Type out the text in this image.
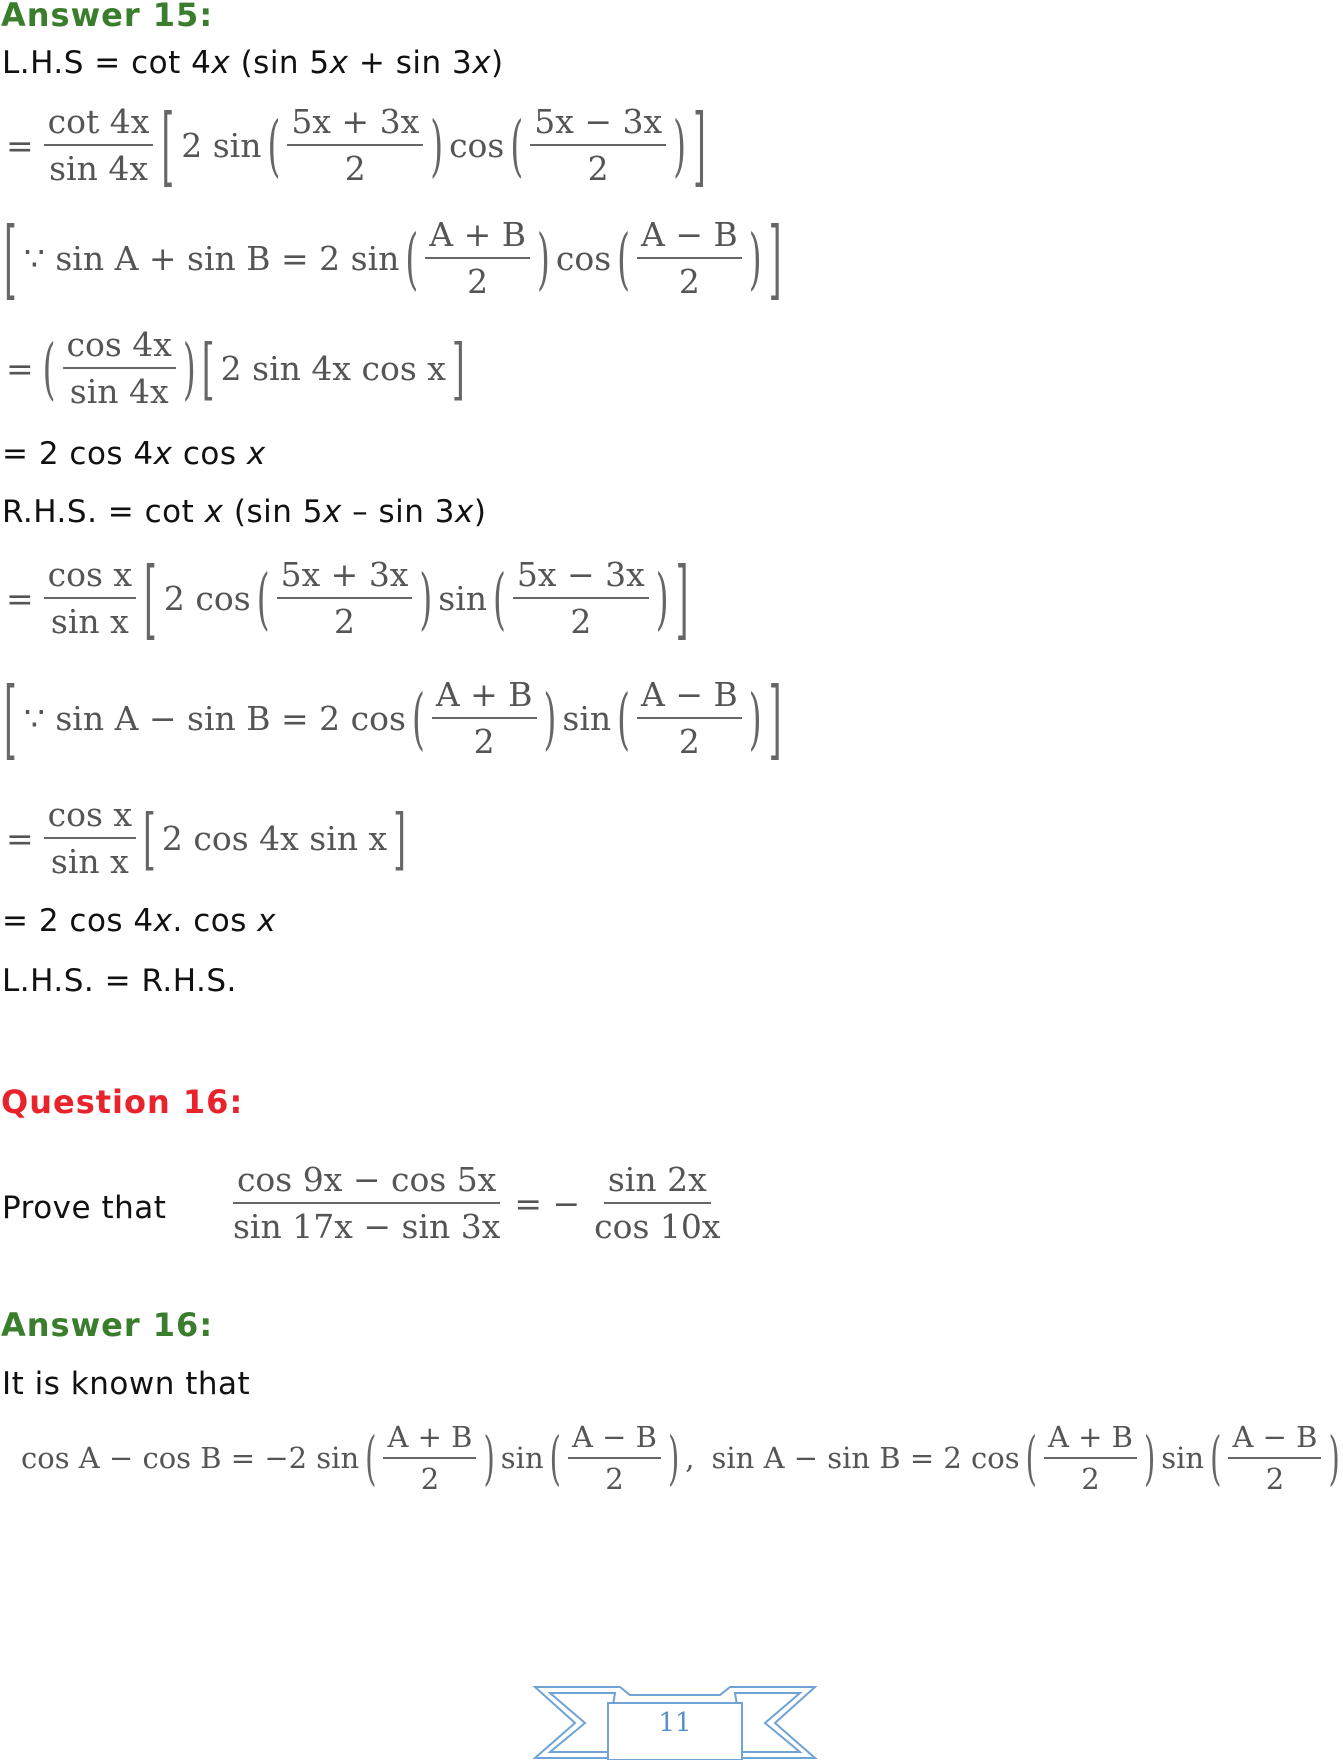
Answer 15:
L.H.S = cot 4x (sin 5x + sin 3x)
= $\frac{\cot 4x}{\sin 4x}$ [ 2 sin ( $\frac{5x + 3x}{2}$ ) cos ( $\frac{5x - 3x}{2}$ ) ]
[ ∵ sin A + sin B = 2 sin ( $\frac{A + B}{2}$ ) cos ( $\frac{A - B}{2}$ ) ]
= ( $\frac{\cos 4x}{\sin 4x}$ ) [ 2 sin 4x cos x ]
= 2 cos 4x cos x
R.H.S. = cot x (sin 5x – sin 3x)
= $\frac{\text{cos x}}{\text{sin x}}$ [ 2 cos ( $\frac{5x + 3x}{2}$ ) sin ( $\frac{5x - 3x}{2}$ ) ]
[ ∵ sin A − sin B = 2 cos ( $\frac{A + B}{2}$ ) sin ( $\frac{A - B}{2}$ ) ]
= $\frac{\text{cos x}}{\text{sin x}}$ [ 2 cos 4x sin x ]
= 2 cos 4x. cos x
L.H.S. = R.H.S.
Question 16:
Prove that $\frac{\cos 9x - \cos 5x}{\sin 17x - \sin 3x}$ = − $\frac{\sin 2x}{\cos 10x}$
Answer 16:
It is known that
cos A − cos B = −2 sin ( $\frac{A + B}{2}$ ) sin ( $\frac{A - B}{2}$ ) , sin A − sin B = 2 cos ( $\frac{A + B}{2}$ ) sin ( $\frac{A - B}{2}$ )
11
